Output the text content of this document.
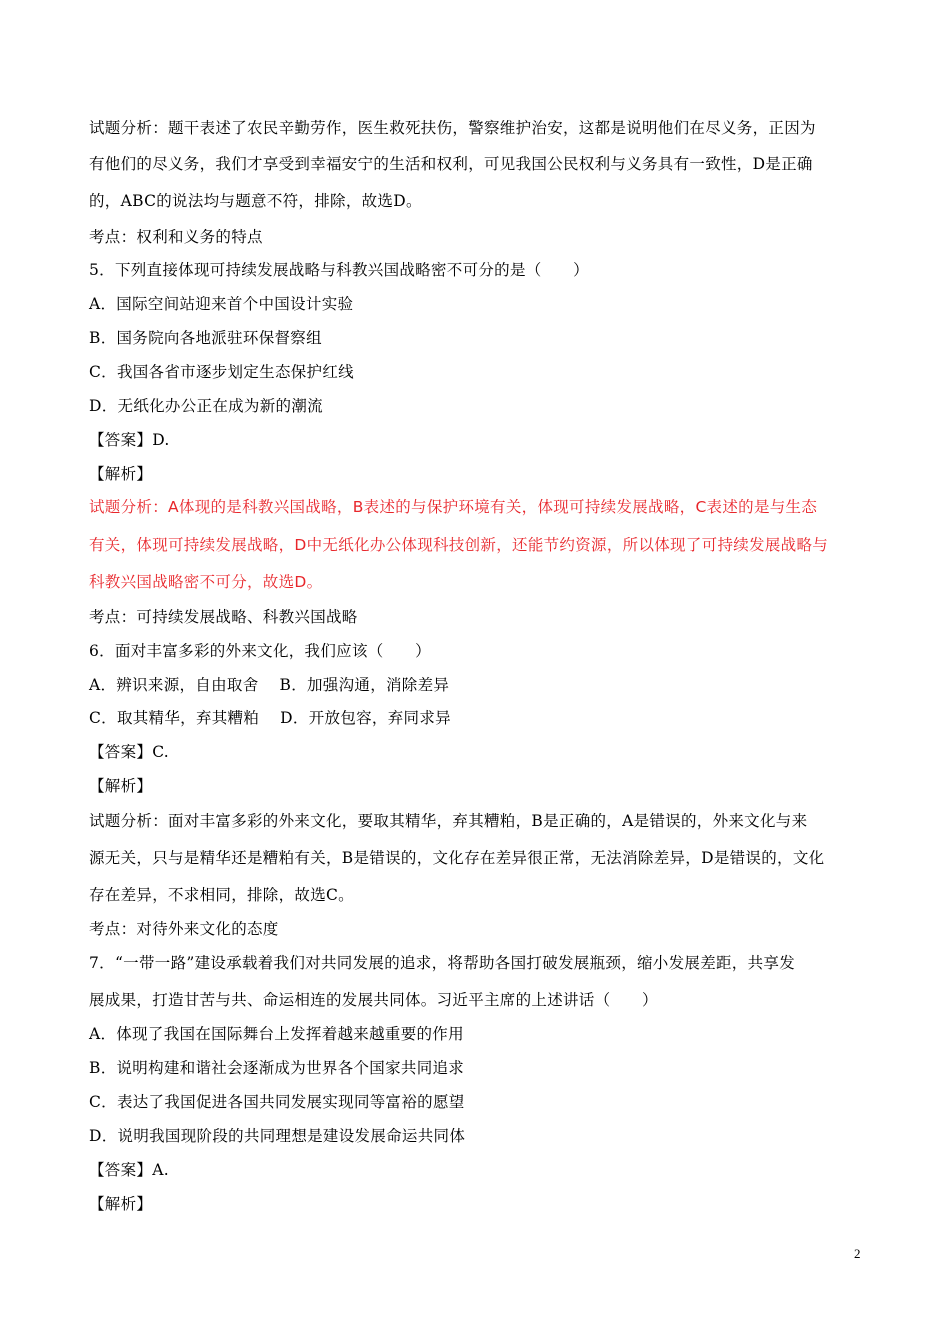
试题分析：题干表述了农民辛勤劳作，医生救死扶伤，警察维护治安，这都是说明他们在尽义务，正因为
有他们的尽义务，我们才享受到幸福安宁的生活和权利，可见我国公民权利与义务具有一致性，D是正确
的，ABC的说法均与题意不符，排除，故选D。
考点：权利和义务的特点
5．下列直接体现可持续发展战略与科教兴国战略密不可分的是（　　）
A．国际空间站迎来首个中国设计实验
B．国务院向各地派驻环保督察组
C．我国各省市逐步划定生态保护红线
D．无纸化办公正在成为新的潮流
【答案】D.
【解析】
试题分析：A体现的是科教兴国战略，B表述的与保护环境有关，体现可持续发展战略，C表述的是与生态
有关，体现可持续发展战略，D中无纸化办公体现科技创新，还能节约资源，所以体现了可持续发展战略与
科教兴国战略密不可分，故选D。
考点：可持续发展战略、科教兴国战略
6．面对丰富多彩的外来文化，我们应该（　　）
A．辨识来源，自由取舍　 B．加强沟通，消除差异
C．取其精华，弃其糟粕　 D．开放包容，弃同求异
【答案】C.
【解析】
试题分析：面对丰富多彩的外来文化，要取其精华，弃其糟粕，B是正确的，A是错误的，外来文化与来
源无关，只与是精华还是糟粕有关，B是错误的，文化存在差异很正常，无法消除差异，D是错误的，文化
存在差异，不求相同，排除，故选C。
考点：对待外来文化的态度
7．“一带一路”建设承载着我们对共同发展的追求，将帮助各国打破发展瓶颈，缩小发展差距，共享发
展成果，打造甘苦与共、命运相连的发展共同体。习近平主席的上述讲话（　　）
A．体现了我国在国际舞台上发挥着越来越重要的作用
B．说明构建和谐社会逐渐成为世界各个国家共同追求
C．表达了我国促进各国共同发展实现同等富裕的愿望
D．说明我国现阶段的共同理想是建设发展命运共同体
【答案】A.
【解析】
2
